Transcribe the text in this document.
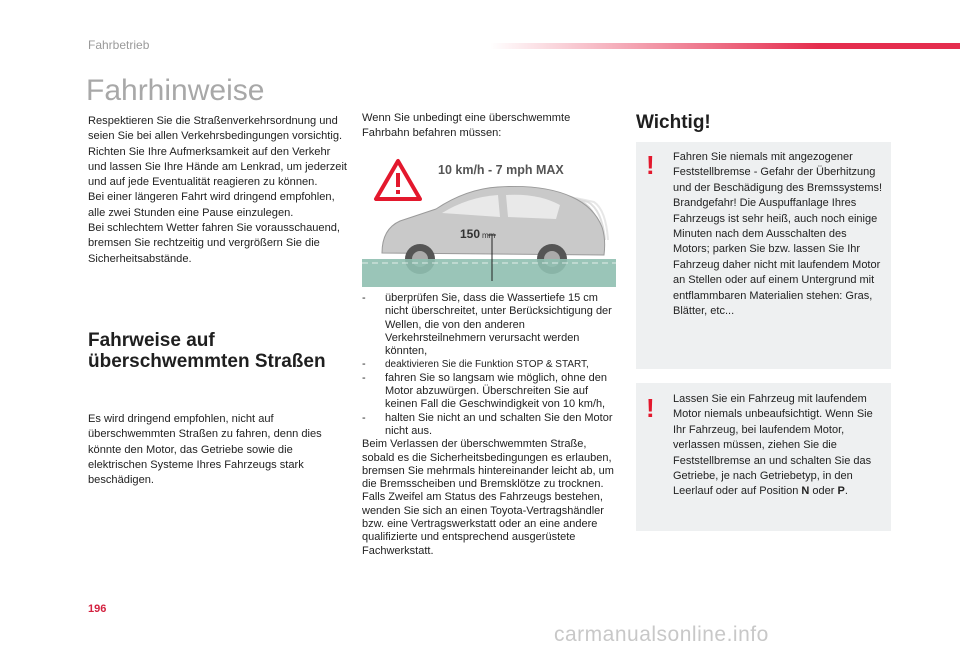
Fahrbetrieb
Fahrhinweise

Respektieren Sie die Straßenverkehrsordnung und seien Sie bei allen Verkehrsbedingungen vorsichtig.

Richten Sie Ihre Aufmerksamkeit auf den Verkehr und lassen Sie Ihre Hände am Lenkrad, um jederzeit und auf jede Eventualität reagieren zu können.

Bei einer längeren Fahrt wird dringend empfohlen, alle zwei Stunden eine Pause einzulegen.

Bei schlechtem Wetter fahren Sie vorausschauend, bremsen Sie rechtzeitig und vergrößern Sie die Sicherheitsabstände.

Fahrweise auf überschwemmten Straßen
Es wird dringend empfohlen, nicht auf überschwemmten Straßen zu fahren, denn dies könnte den Motor, das Getriebe sowie die elektrischen Systeme Ihres Fahrzeugs stark beschädigen.
Wenn Sie unbedingt eine überschwemmte Fahrbahn befahren müssen:
10 km/h - 7 mph MAX
150 mm
- überprüfen Sie, dass die Wassertiefe 15 cm nicht überschreitet, unter Berücksichtigung der Wellen, die von den anderen Verkehrsteilnehmern verursacht werden könnten,
- deaktivieren Sie die Funktion STOP & START,
- fahren Sie so langsam wie möglich, ohne den Motor abzuwürgen. Überschreiten Sie auf keinen Fall die Geschwindigkeit von 10 km/h,
- halten Sie nicht an und schalten Sie den Motor nicht aus.
Beim Verlassen der überschwemmten Straße, sobald es die Sicherheitsbedingungen es erlauben, bremsen Sie mehrmals hintereinander leicht ab, um die Bremsscheiben und Bremsklötze zu trocknen. Falls Zweifel am Status des Fahrzeugs bestehen, wenden Sie sich an einen Toyota-Vertragshändler bzw. eine Vertragswerkstatt oder an eine andere qualifizierte und entsprechend ausgerüstete Fachwerkstatt.
Wichtig!
! Fahren Sie niemals mit angezogener Feststellbremse - Gefahr der Überhitzung und der Beschädigung des Bremssystems! Brandgefahr! Die Auspuffanlage Ihres Fahrzeugs ist sehr heiß, auch noch einige Minuten nach dem Ausschalten des Motors; parken Sie bzw. lassen Sie Ihr Fahrzeug daher nicht mit laufendem Motor an Stellen oder auf einem Untergrund mit entflammbaren Materialien stehen: Gras, Blätter, etc...
! Lassen Sie ein Fahrzeug mit laufendem Motor niemals unbeaufsichtigt. Wenn Sie Ihr Fahrzeug, bei laufendem Motor, verlassen müssen, ziehen Sie die Feststellbremse an und schalten Sie das Getriebe, je nach Getriebetyp, in den Leerlauf oder auf Position N oder P.
196
carmanualsonline.info
